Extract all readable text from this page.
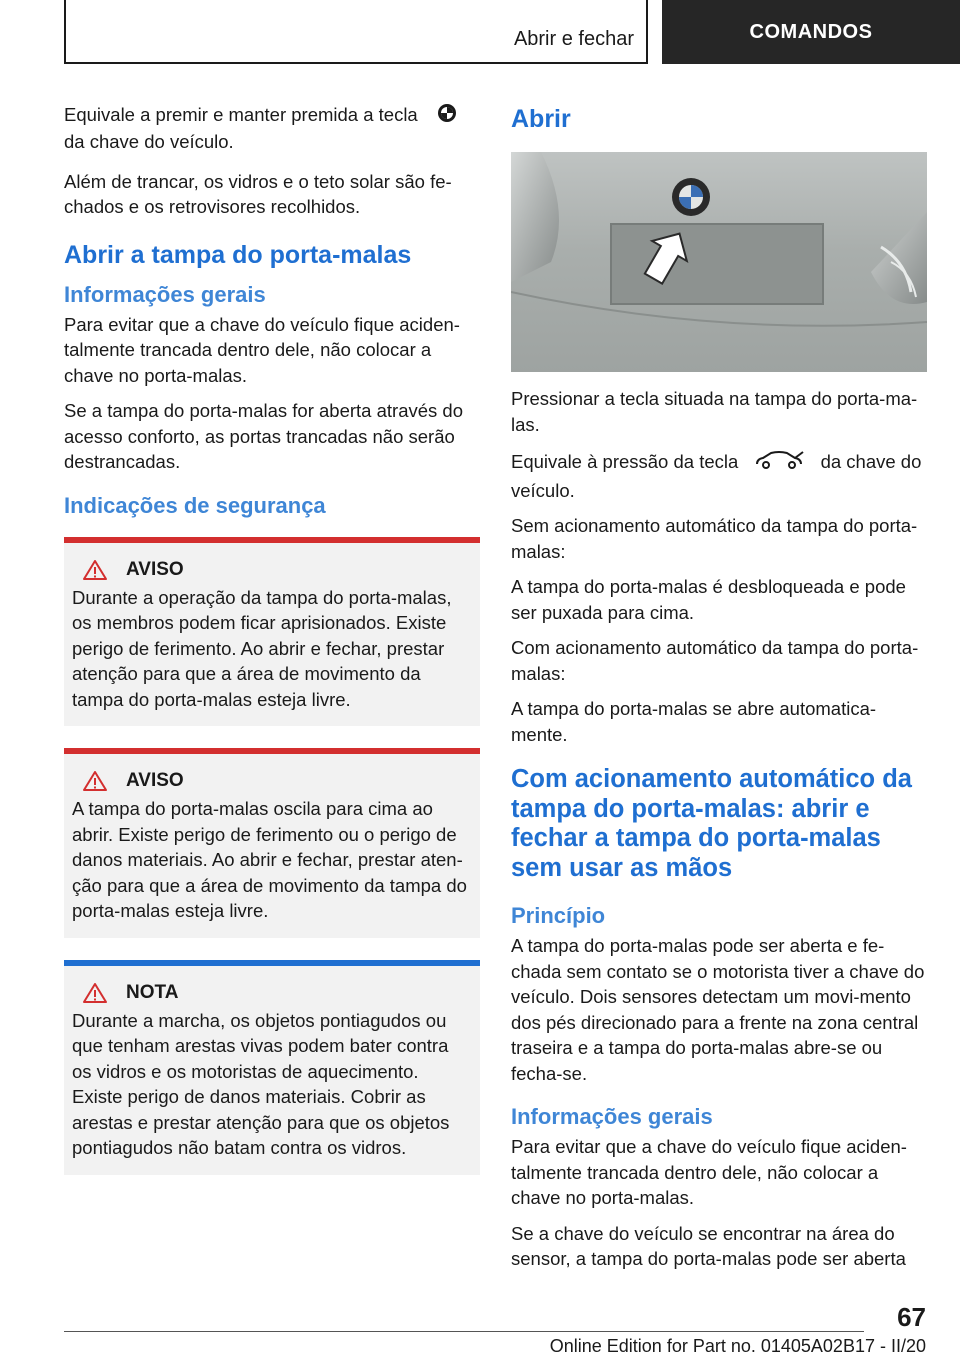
Abrir e fechar	COMANDOS

Equivale a premir e manter premida a tecla
da chave do veículo.

Além de trancar, os vidros e o teto solar são fe-chados e os retrovisores recolhidos.

Abrir a tampa do porta-malas
Informações gerais

Para evitar que a chave do veículo fique aciden-talmente trancada dentro dele, não colocar a chave no porta-malas.

Se a tampa do porta-malas for aberta através do acesso conforto, as portas trancadas não serão destrancadas.

Indicações de segurança
AVISO

Durante a operação da tampa do porta-malas, os membros podem ficar aprisionados. Existe perigo de ferimento. Ao abrir e fechar, prestar atenção para que a área de movimento da tampa do porta-malas esteja livre.

AVISO

A tampa do porta-malas oscila para cima ao abrir. Existe perigo de ferimento ou o perigo de danos materiais. Ao abrir e fechar, prestar aten-ção para que a área de movimento da tampa do porta-malas esteja livre.

NOTA

Durante a marcha, os objetos pontiagudos ou que tenham arestas vivas podem bater contra os vidros e os motoristas de aquecimento. Existe perigo de danos materiais. Cobrir as arestas e prestar atenção para que os objetos pontiagudos não batam contra os vidros.

Abrir

Pressionar a tecla situada na tampa do porta-ma-las.

Equivale à pressão da tecla	da chave do veículo.

Sem acionamento automático da tampa do porta-malas:

A tampa do porta-malas é desbloqueada e pode ser puxada para cima.

Com acionamento automático da tampa do porta-malas:

A tampa do porta-malas se abre automatica-mente.

Com acionamento automático da tampa do porta-malas: abrir e fechar a tampa do porta-malas sem usar as mãos
Princípio

A tampa do porta-malas pode ser aberta e fe-chada sem contato se o motorista tiver a chave do veículo. Dois sensores detectam um movi-mento dos pés direcionado para a frente na zona central traseira e a tampa do porta-malas abre-se ou fecha-se.

Informações gerais

Para evitar que a chave do veículo fique aciden-talmente trancada dentro dele, não colocar a chave no porta-malas.

Se a chave do veículo se encontrar na área do sensor, a tampa do porta-malas pode ser aberta

67
Online Edition for Part no. 01405A02B17 - II/20
